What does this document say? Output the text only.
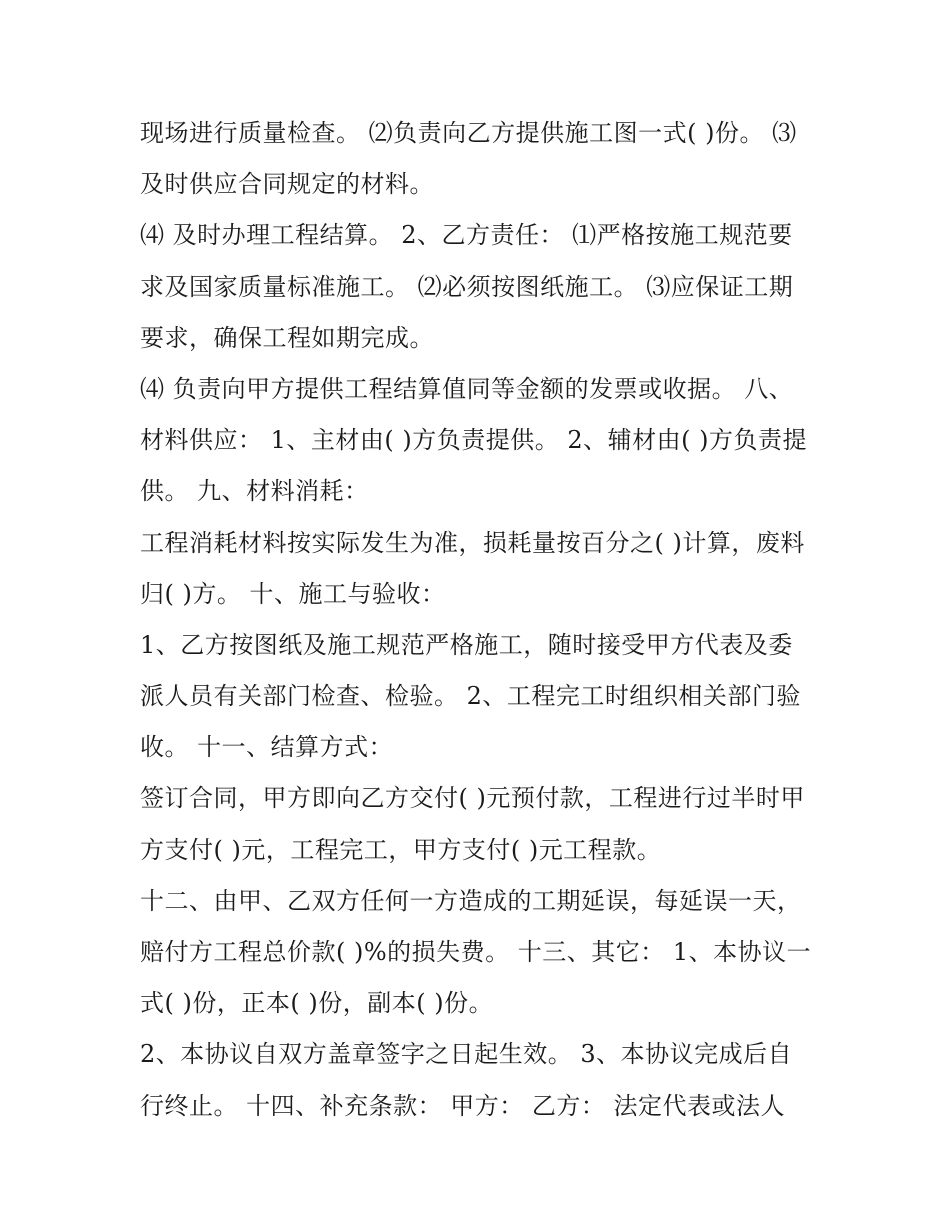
现场进行质量检查。 ⑵负责向乙方提供施工图一式( )份。 ⑶
及时供应合同规定的材料。
⑷ 及时办理工程结算。 2、乙方责任： ⑴严格按施工规范要
求及国家质量标准施工。 ⑵必须按图纸施工。 ⑶应保证工期
要求，确保工程如期完成。
⑷ 负责向甲方提供工程结算值同等金额的发票或收据。 八、
材料供应： 1、主材由( )方负责提供。 2、辅材由( )方负责提
供。 九、材料消耗：
工程消耗材料按实际发生为准，损耗量按百分之( )计算，废料
归( )方。 十、施工与验收：
1、乙方按图纸及施工规范严格施工，随时接受甲方代表及委
派人员有关部门检查、检验。 2、工程完工时组织相关部门验
收。 十一、结算方式：
签订合同，甲方即向乙方交付( )元预付款，工程进行过半时甲
方支付( )元，工程完工，甲方支付( )元工程款。
十二、由甲、乙双方任何一方造成的工期延误，每延误一天，
赔付方工程总价款( )%的损失费。 十三、其它： 1、本协议一
式( )份，正本( )份，副本( )份。
2、本协议自双方盖章签字之日起生效。 3、本协议完成后自
行终止。 十四、补充条款： 甲方： 乙方： 法定代表或法人
